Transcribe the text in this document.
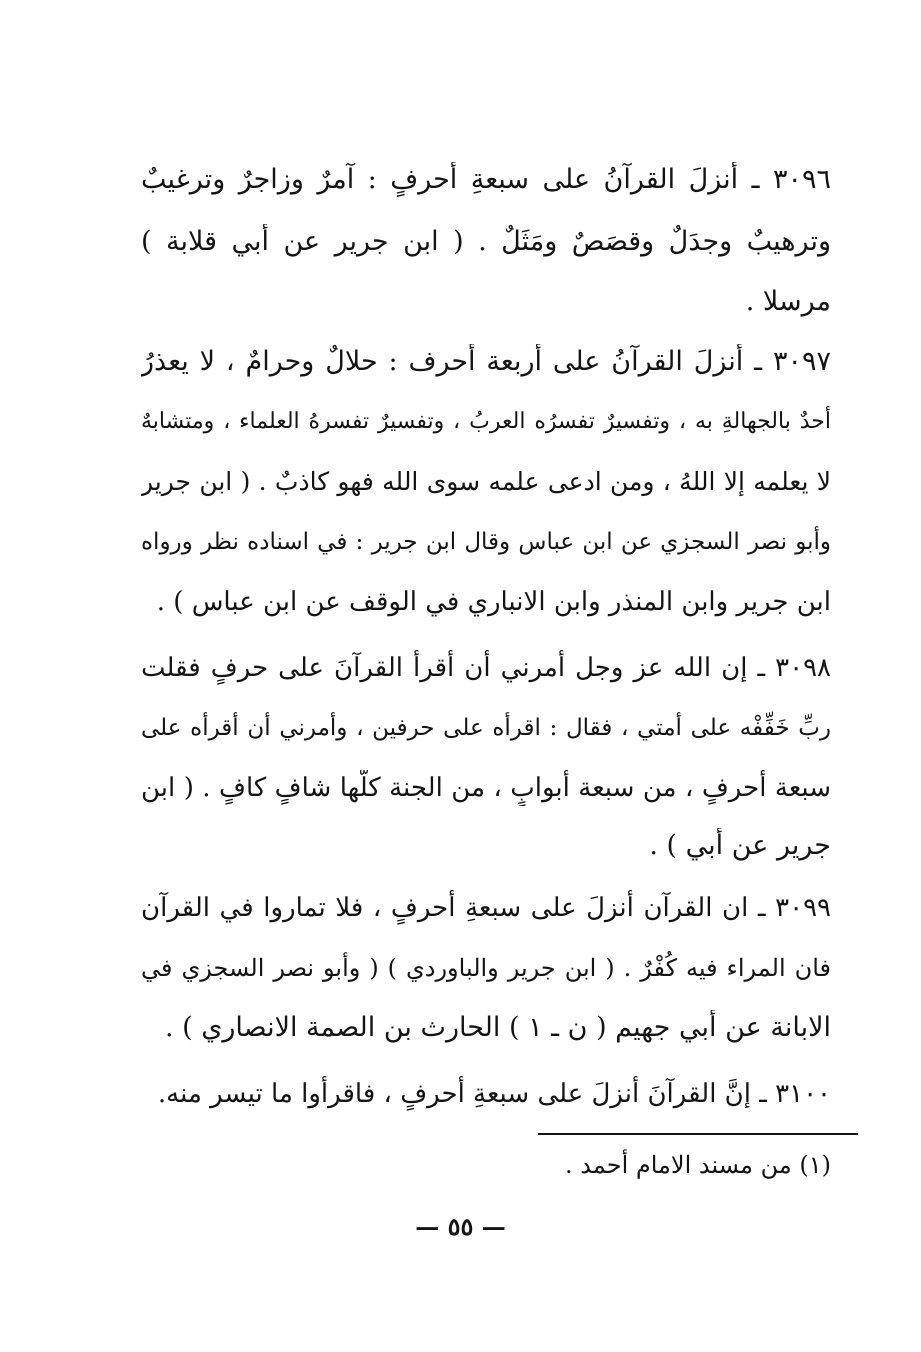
٣٠٩٦ ـ أُنزلَ القرآنُ على سبعةِ أحرفٍ : آمرٌ وزاجرٌ وترغيبٌ
وترهيبٌ وجدَلٌ وقصَصٌ ومَثَلٌ . ( ابن جرير عن أبي قلابة )
مرسلا .
٣٠٩٧ ـ أُنزلَ القرآنُ على أربعة أحرف : حلالٌ وحرامٌ ، لا يعذرُ
أحدٌ بالجهالةِ به ، وتفسيرٌ تفسرُه العربُ ، وتفسيرٌ تفسرهُ العلماء ، ومتشابهٌ
لا يعلمه إلا اللهُ ، ومن ادعى علمه سوى الله فهو كاذبٌ . ( ابن جرير
وأبو نصر السجزي عن ابن عباس وقال ابن جرير : في اسناده نظر ورواه
ابن جرير وابن المنذر وابن الانباري في الوقف عن ابن عباس ) .
٣٠٩٨ ـ إن الله عز وجل أمرني أن أقرأ القرآنَ على حرفٍ فقلت
ربِّ خَفِّفْه على أمتي ، فقال : اقرأه على حرفين ، وأمرني أن أقرأه على
سبعة أحرفٍ ، من سبعة أبوابٍ ، من الجنة كلُّها شافٍ كافٍ . ( ابن
جرير عن أُبي ) .
٣٠٩٩ ـ ان القرآن أُنزلَ على سبعةِ أحرفٍ ، فلا تماروا في القرآن
فان المراء فيه كُفْرٌ . ( ابن جرير والباوردي ) ( وأبو نصر السجزي في
الابانة عن أبي جهيم ( ن ـ ١ ) الحارث بن الصمة الانصاري ) .
٣١٠٠ ـ إنَّ القرآنَ أُنزلَ على سبعةِ أحرفٍ ، فاقرأوا ما تيسر منه.
(١) من مسند الامام أحمد .
— ٥٥ —
